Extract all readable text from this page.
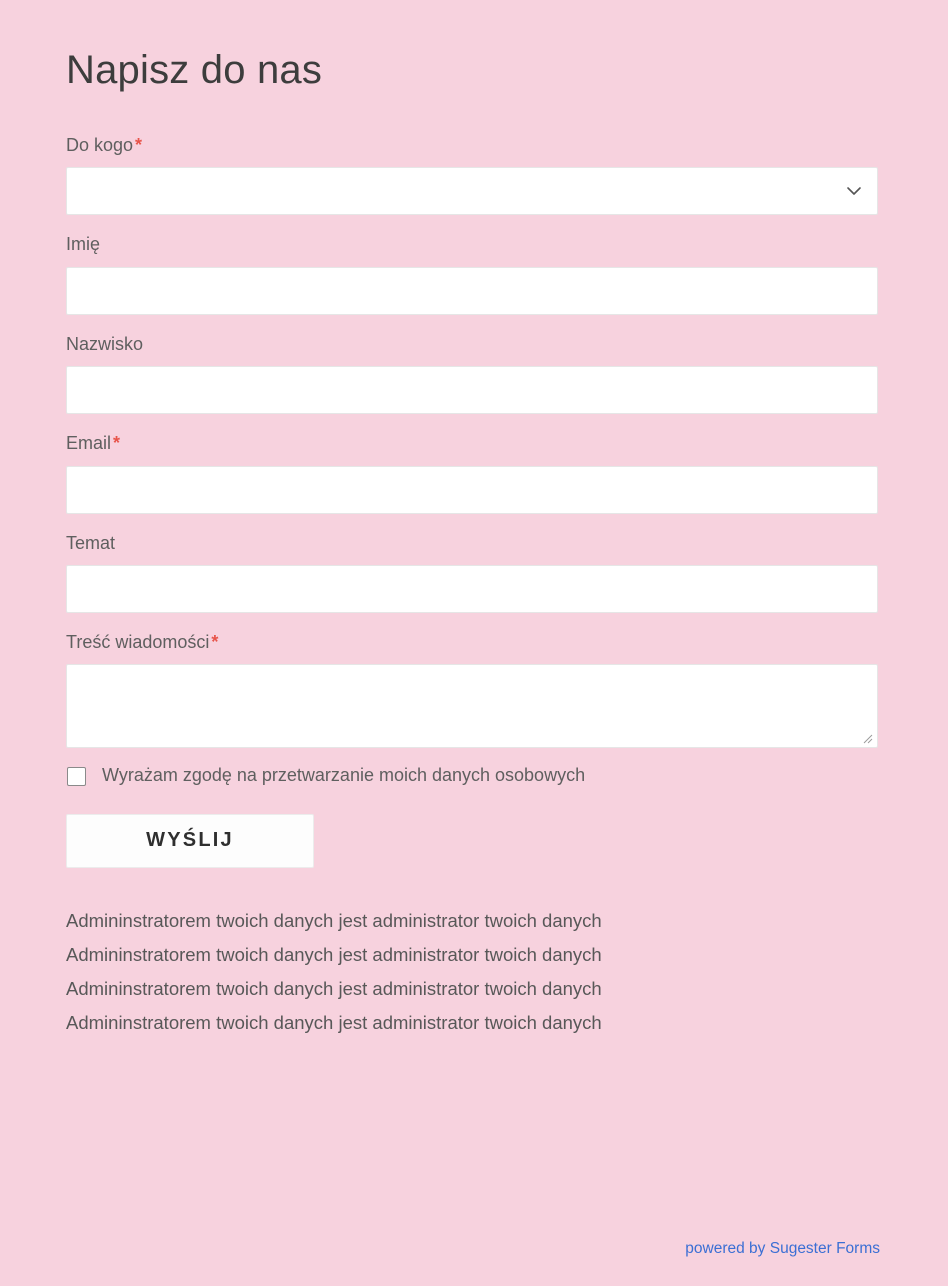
Napisz do nas
Do kogo *
Imię
Nazwisko
Email *
Temat
Treść wiadomości *
Wyrażam zgodę na przetwarzanie moich danych osobowych
WYŚLIJ
Admininstratorem twoich danych jest administrator twoich danych
Admininstratorem twoich danych jest administrator twoich danych
Admininstratorem twoich danych jest administrator twoich danych
Admininstratorem twoich danych jest administrator twoich danych
powered by Sugester Forms
